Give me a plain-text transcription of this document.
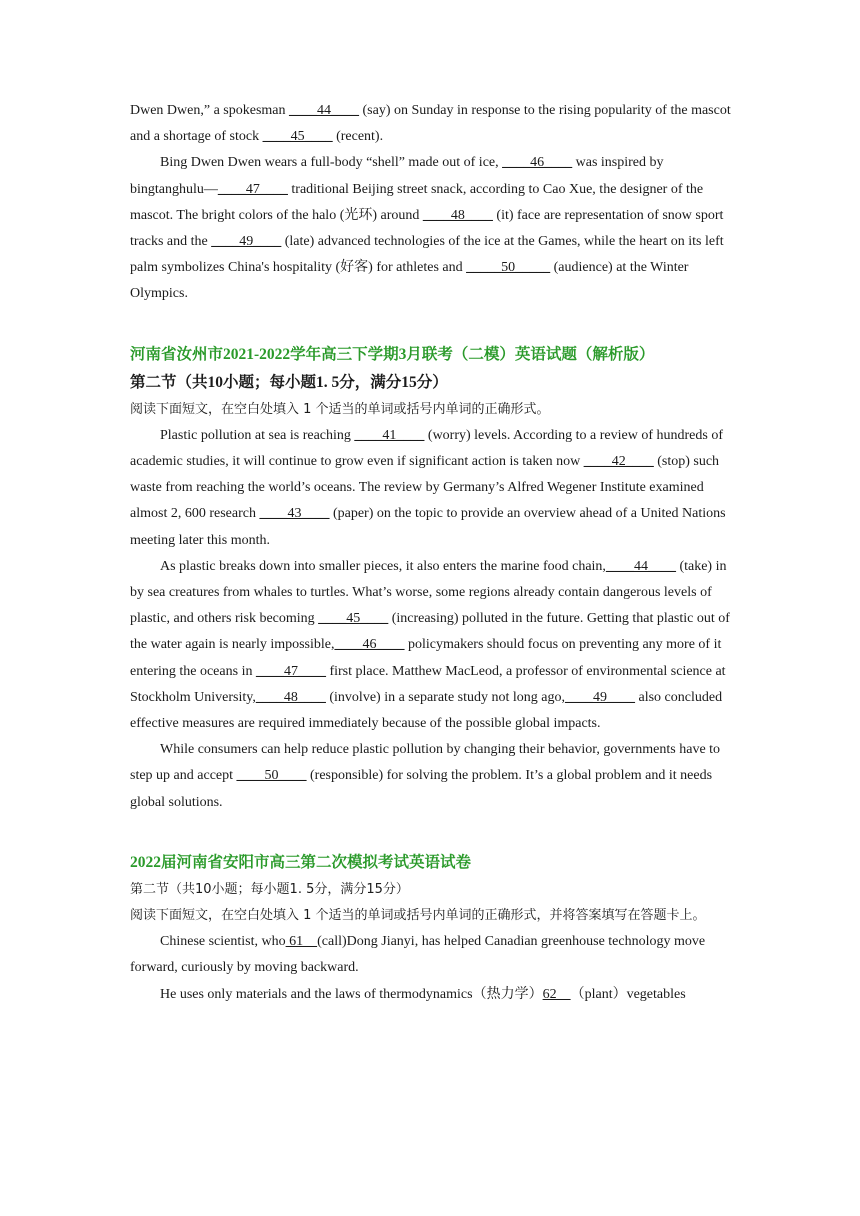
Dwen Dwen,” a spokesman ____44____ (say) on Sunday in response to the rising popularity of the mascot and a shortage of stock ____45____ (recent).

Bing Dwen Dwen wears a full-body “shell” made out of ice, ____46____ was inspired by bingtanghulu—____47____ traditional Beijing street snack, according to Cao Xue, the designer of the mascot. The bright colors of the halo (光环) around ____48____ (it) face are representation of snow sport tracks and the ____49____ (late) advanced technologies of the ice at the Games, while the heart on its left palm symbolizes China's hospitality (好客) for athletes and _____50_____ (audience) at the Winter Olympics.

河南省汝州市2021-2022学年高三下学期3月联考（二模）英语试题（解析版）

第二节（共10小题；每小题1. 5分，满分15分）

阅读下面短文，在空白处填入 1 个适当的单词或括号内单词的正确形式。

Plastic pollution at sea is reaching ____41____ (worry) levels. According to a review of hundreds of academic studies, it will continue to grow even if significant action is taken now ____42____ (stop) such waste from reaching the world’s oceans. The review by Germany’s Alfred Wegener Institute examined almost 2, 600 research ____43____ (paper) on the topic to provide an overview ahead of a United Nations meeting later this month.

As plastic breaks down into smaller pieces, it also enters the marine food chain,____44____ (take) in by sea creatures from whales to turtles. What’s worse, some regions already contain dangerous levels of plastic, and others risk becoming ____45____ (increasing) polluted in the future. Getting that plastic out of the water again is nearly impossible,____46____ policymakers should focus on preventing any more of it entering the oceans in ____47____ first place. Matthew MacLeod, a professor of environmental science at Stockholm University,____48____ (involve) in a separate study not long ago,____49____ also concluded effective measures are required immediately because of the possible global impacts.

While consumers can help reduce plastic pollution by changing their behavior, governments have to step up and accept ____50____ (responsible) for solving the problem. It’s a global problem and it needs global solutions.

2022届河南省安阳市高三第二次模拟考试英语试卷

第二节（共10小题；每小题1. 5分，满分15分）

阅读下面短文，在空白处填入 1 个适当的单词或括号内单词的正确形式，并将答案填写在答题卡上。

Chinese scientist, who 61    (call)Dong Jianyi, has helped Canadian greenhouse technology move forward, curiously by moving backward.

He uses only materials and the laws of thermodynamics（热力学）62    （plant）vegetables
